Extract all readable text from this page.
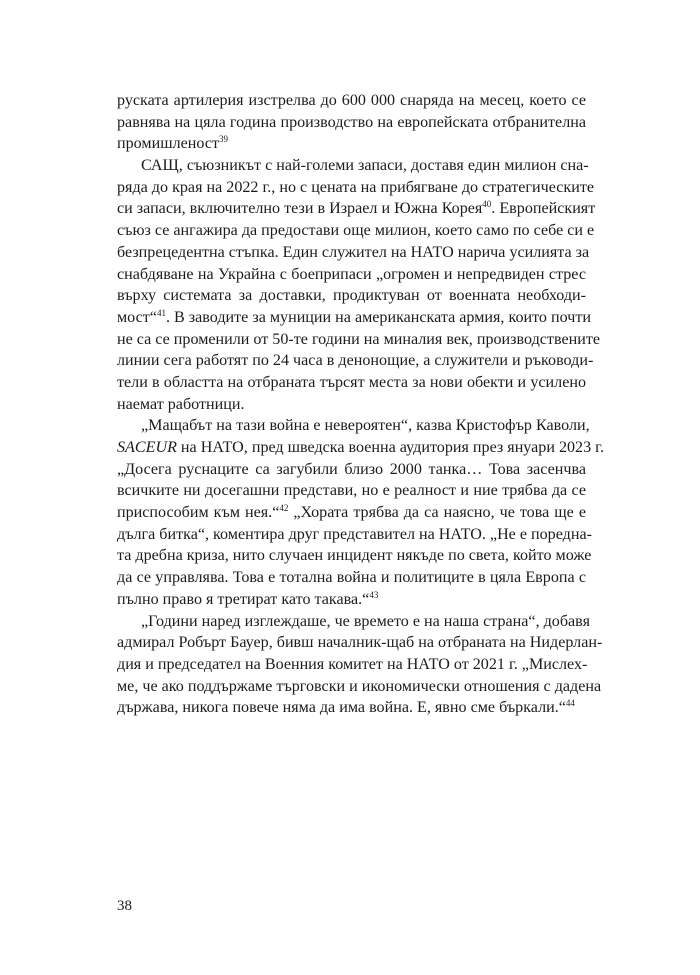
руската артилерия изстрелва до 600 000 снаряда на месец, което се
равнява на цяла година производство на европейската отбранителна
промишленост$^{39}$
САЩ, съюзникът с най-големи запаси, доставя един милион сна-
ряда до края на 2022 г., но с цената на прибягване до стратегическите
си запаси, включително тези в Израел и Южна Корея$^{40}$. Европейският
съюз се ангажира да предостави още милион, което само по себе си е
безпрецедентна стъпка. Един служител на НАТО нарича усилията за
снабдяване на Украйна с боеприпаси „огромен и непредвиден стрес
върху системата за доставки, продиктуван от военната необходи-
мост“$^{41}$. В заводите за муниции на американската армия, които почти
не са се променили от 50-те години на миналия век, производствените
линии сега работят по 24 часа в денонощие, а служители и ръководи-
тели в областта на отбраната търсят места за нови обекти и усилено
наемат работници.
„Мащабът на тази война е невероятен“, казва Кристофър Каволи,
SACEUR на НАТО, пред шведска военна аудитория през януари 2023 г.
„Досега руснаците са загубили близо 2000 танка… Това засенчва
всичките ни досегашни представи, но е реалност и ние трябва да се
приспособим към нея.“$^{42}$ „Хората трябва да са наясно, че това ще е
дълга битка“, коментира друг представител на НАТО. „Не е поредна-
та дребна криза, нито случаен инцидент някъде по света, който може
да се управлява. Това е тотална война и политиците в цяла Европа с
пълно право я третират като такава.“$^{43}$
„Години наред изглеждаше, че времето е на наша страна“, добавя
адмирал Робърт Бауер, бивш началник-щаб на отбраната на Нидерлан-
дия и председател на Военния комитет на НАТО от 2021 г. „Мислех-
ме, че ако поддържаме търговски и икономически отношения с дадена
държава, никога повече няма да има война. Е, явно сме бъркали.“$^{44}$
38
